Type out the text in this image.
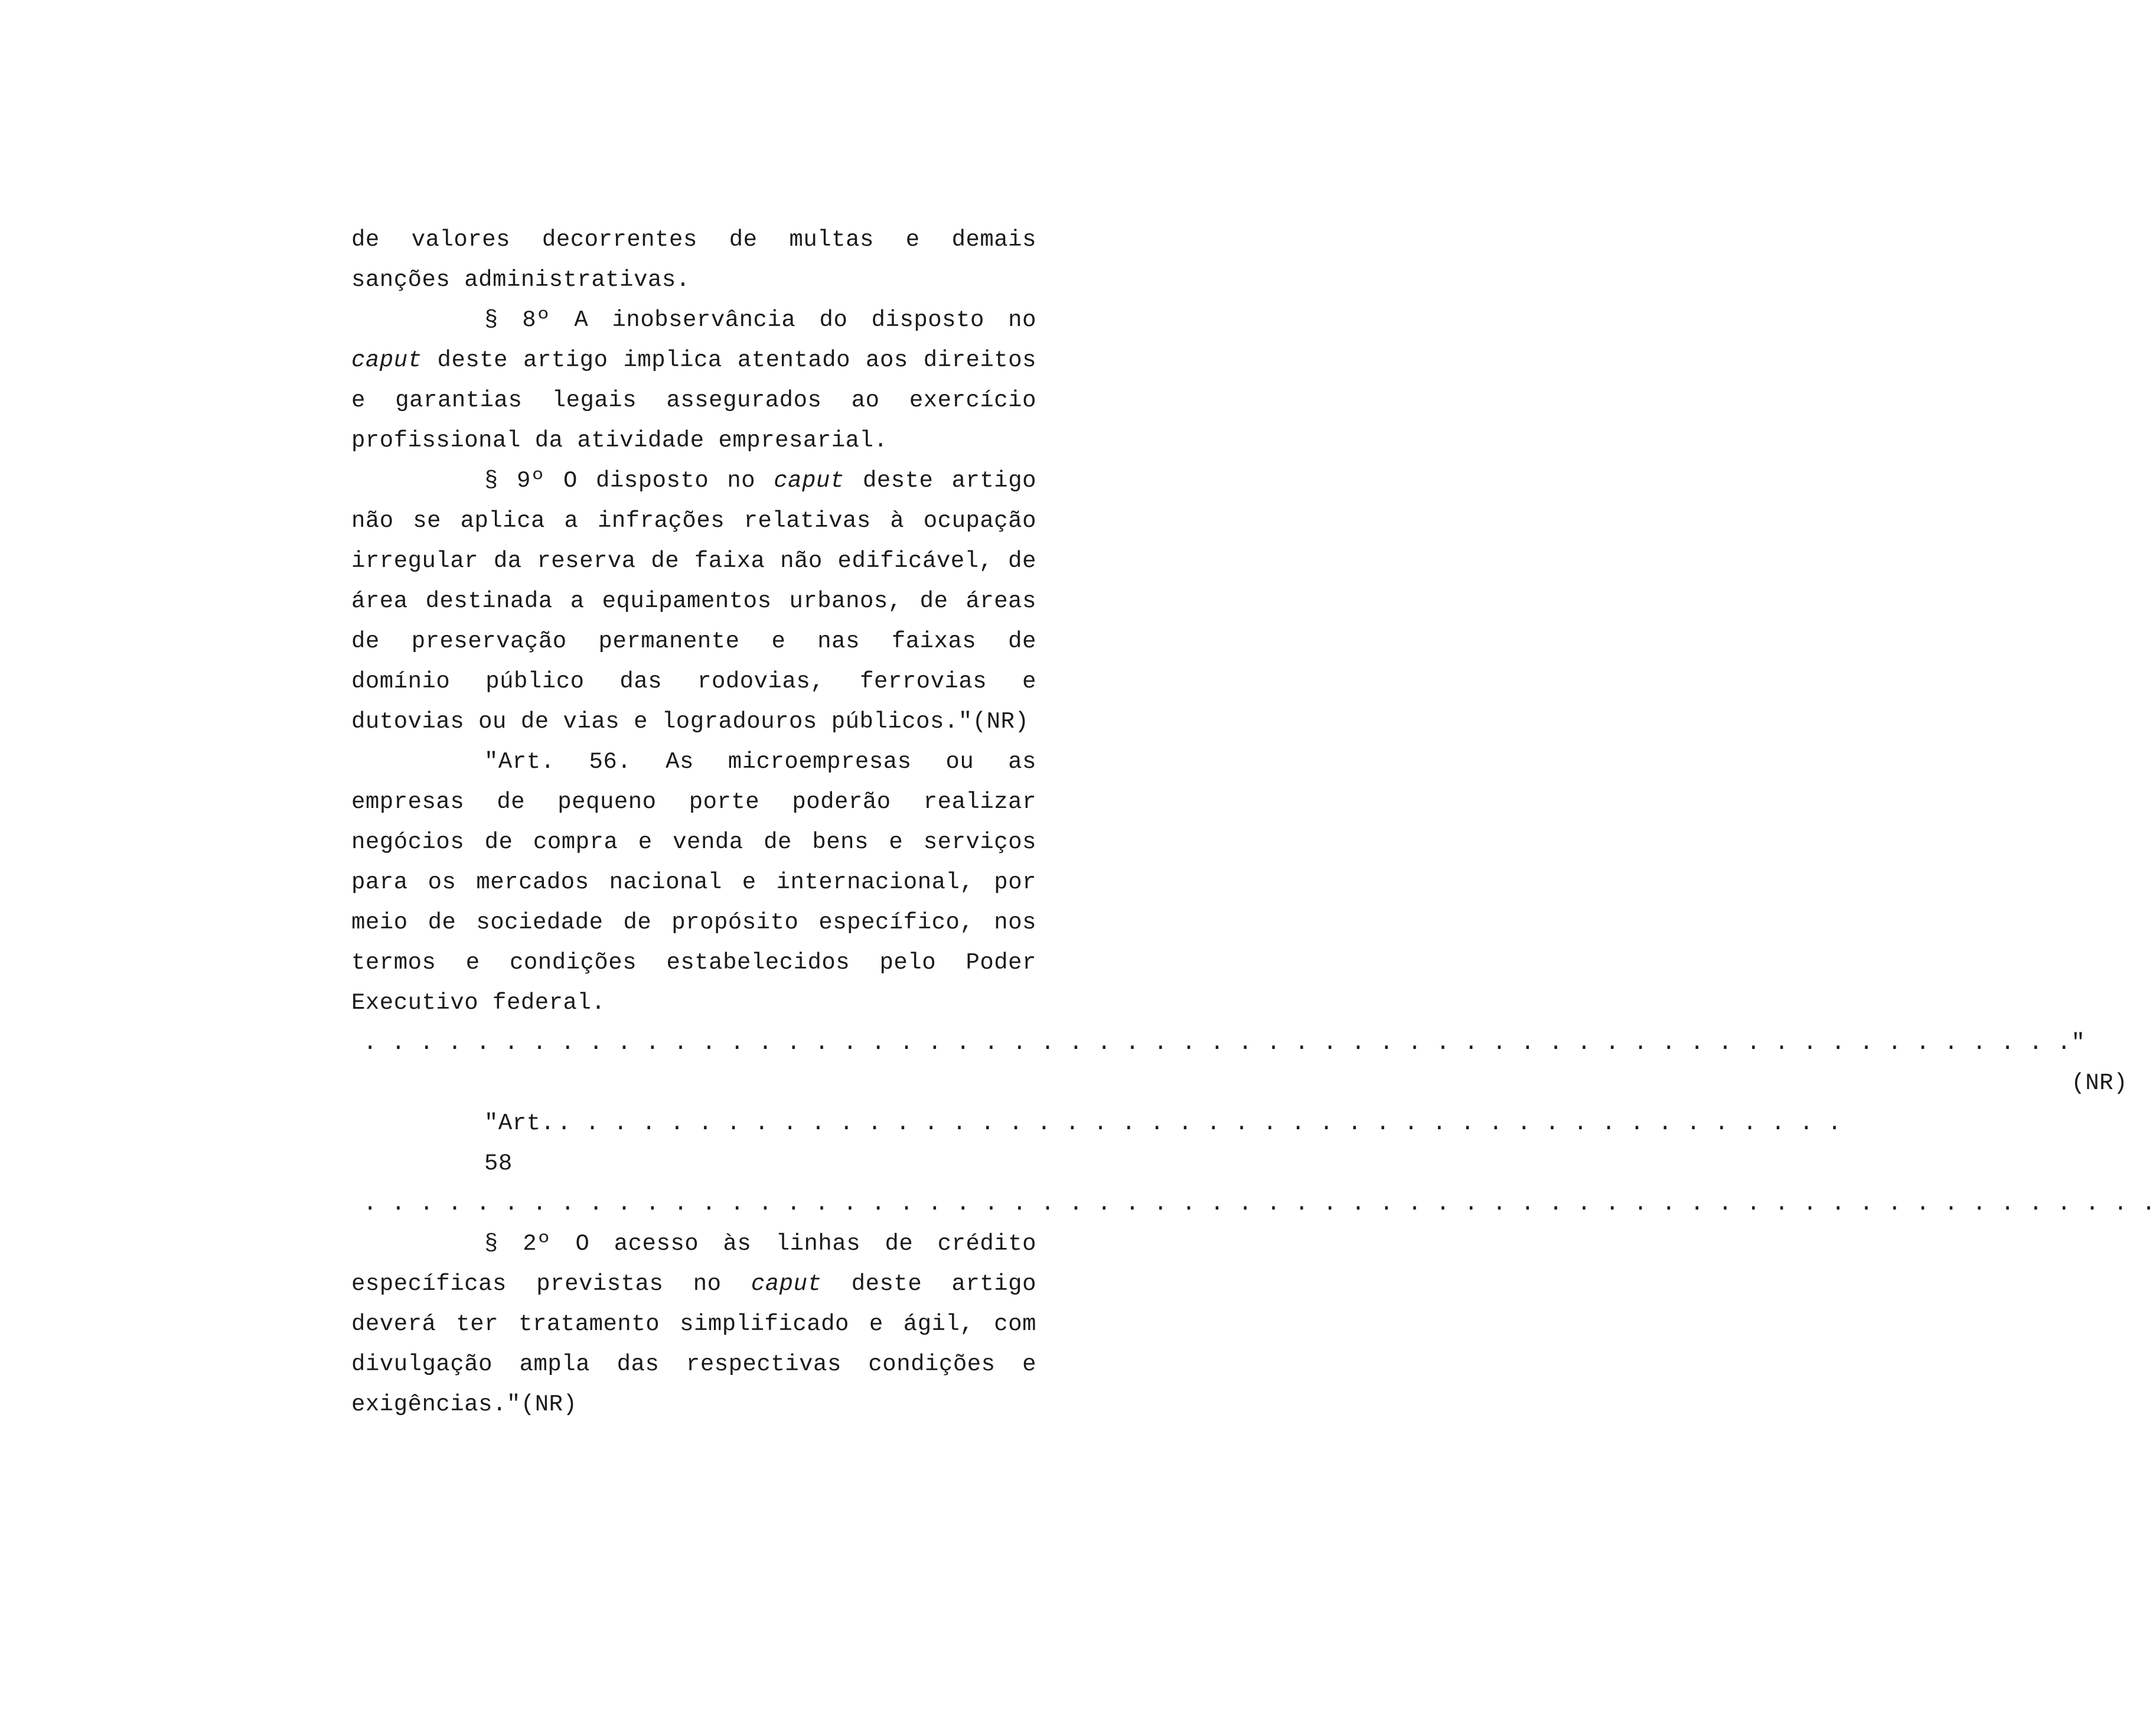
de valores decorrentes de multas e demais sanções administrativas.

§ 8º A inobservância do disposto no caput deste artigo implica atentado aos direitos e garantias legais assegurados ao exercício profissional da atividade empresarial.

§ 9º O disposto no caput deste artigo não se aplica a infrações relativas à ocupação irregular da reserva de faixa não edificável, de área destinada a equipamentos urbanos, de áreas de preservação permanente e nas faixas de domínio público das rodovias, ferrovias e dutovias ou de vias e logradouros públicos."(NR)

"Art. 56. As microempresas ou as empresas de pequeno porte poderão realizar negócios de compra e venda de bens e serviços para os mercados nacional e internacional, por meio de sociedade de propósito específico, nos termos e condições estabelecidos pelo Poder Executivo federal.

. . . . . . . . . . . . . . . . . . . . . . . . . . . . . . . . . . . . . . . . . . . . . . . . . . . . . . . . . . . . . "(NR)
"Art. 58
. . . . . . . . . . . . . . . . . . . . . . . . . . . . . . . . . . . . . . . . . . . . . .
. . . . . . . . . . . . . . . . . . . . . . . . . . . . . . . . . . . . . . . . . . . . . . . . . . . . . . . . . . . . . . . .

§ 2º O acesso às linhas de crédito específicas previstas no caput deste artigo deverá ter tratamento simplificado e ágil, com divulgação ampla das respectivas condições e exigências."(NR)
